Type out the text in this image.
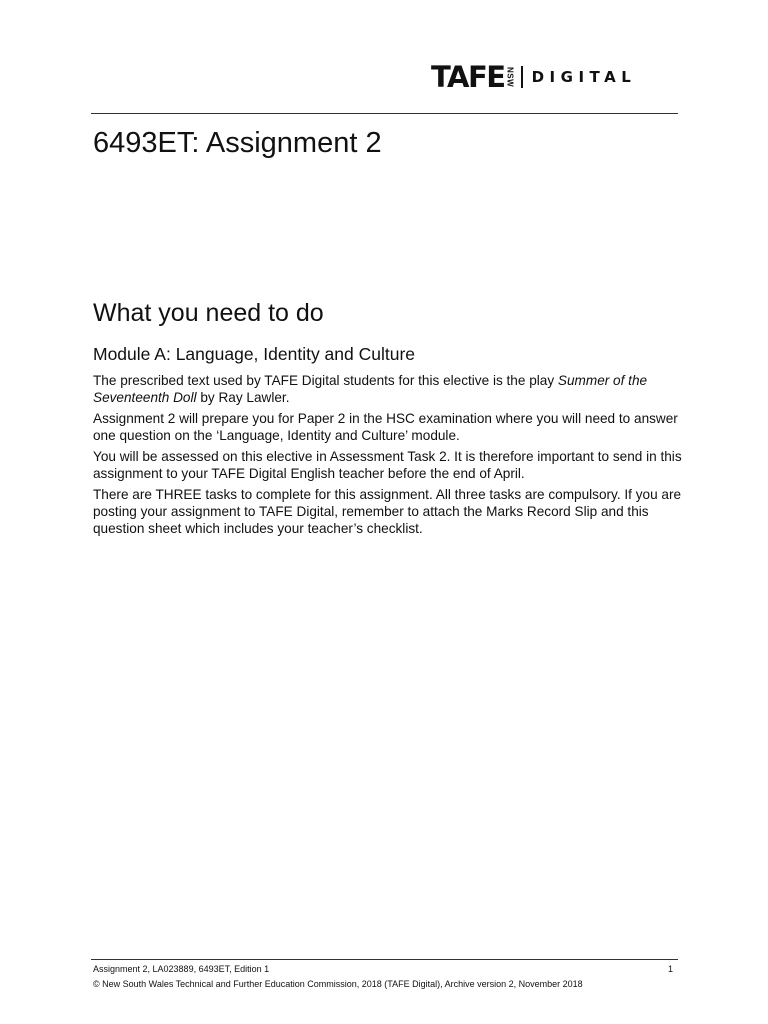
TAFE NSW DIGITAL
6493ET: Assignment 2
What you need to do
Module A: Language, Identity and Culture

The prescribed text used by TAFE Digital students for this elective is the play Summer of the Seventeenth Doll by Ray Lawler.

Assignment 2 will prepare you for Paper 2 in the HSC examination where you will need to answer one question on the ‘Language, Identity and Culture’ module.

You will be assessed on this elective in Assessment Task 2. It is therefore important to send in this assignment to your TAFE Digital English teacher before the end of April.

There are THREE tasks to complete for this assignment. All three tasks are compulsory. If you are posting your assignment to TAFE Digital, remember to attach the Marks Record Slip and this question sheet which includes your teacher’s checklist.

Assignment 2, LA023889, 6493ET, Edition 1	1
© New South Wales Technical and Further Education Commission, 2018 (TAFE Digital), Archive version 2, November 2018
